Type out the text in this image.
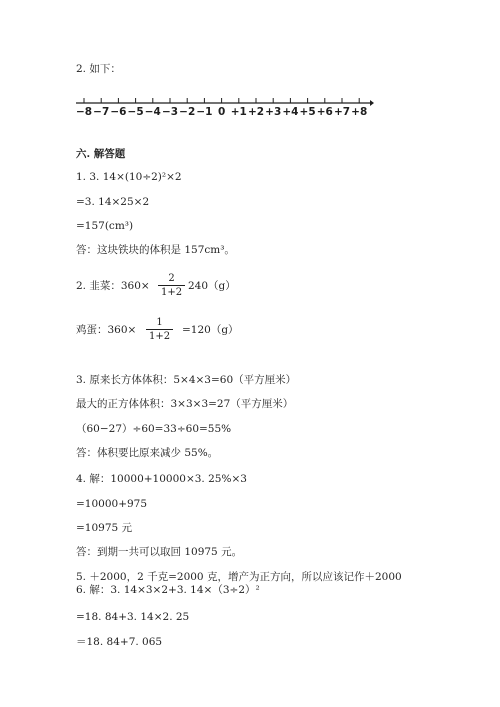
2. 如下：
−8 −7 −6 −5 −4 −3 −2 −1 0 +1 +2 +3 +4 +5 +6 +7 +8
六. 解答题
1. 3. 14×(10÷2)²×2
=3. 14×25×2
=157(cm³)
答：这块铁块的体积是 157cm³。
2. 韭菜：$360\times \frac{2}{1+2} 240(g)$
鸡蛋：$360\times \frac{1}{1+2} =120(g)$
3. 原来长方体体积：5×4×3=60（平方厘米）
最大的正方体体积：3×3×3=27（平方厘米）
（60−27）÷60=33÷60=55%
答：体积要比原来减少 55%。
4. 解：10000+10000×3. 25%×3
=10000+975
=10975 元
答：到期一共可以取回 10975 元。
5. ＋2000，2 千克=2000 克，增产为正方向，所以应该记作＋2000
6. 解：3. 14×3×2+3. 14×（3÷2）²
=18. 84+3. 14×2. 25
＝18. 84+7. 065
